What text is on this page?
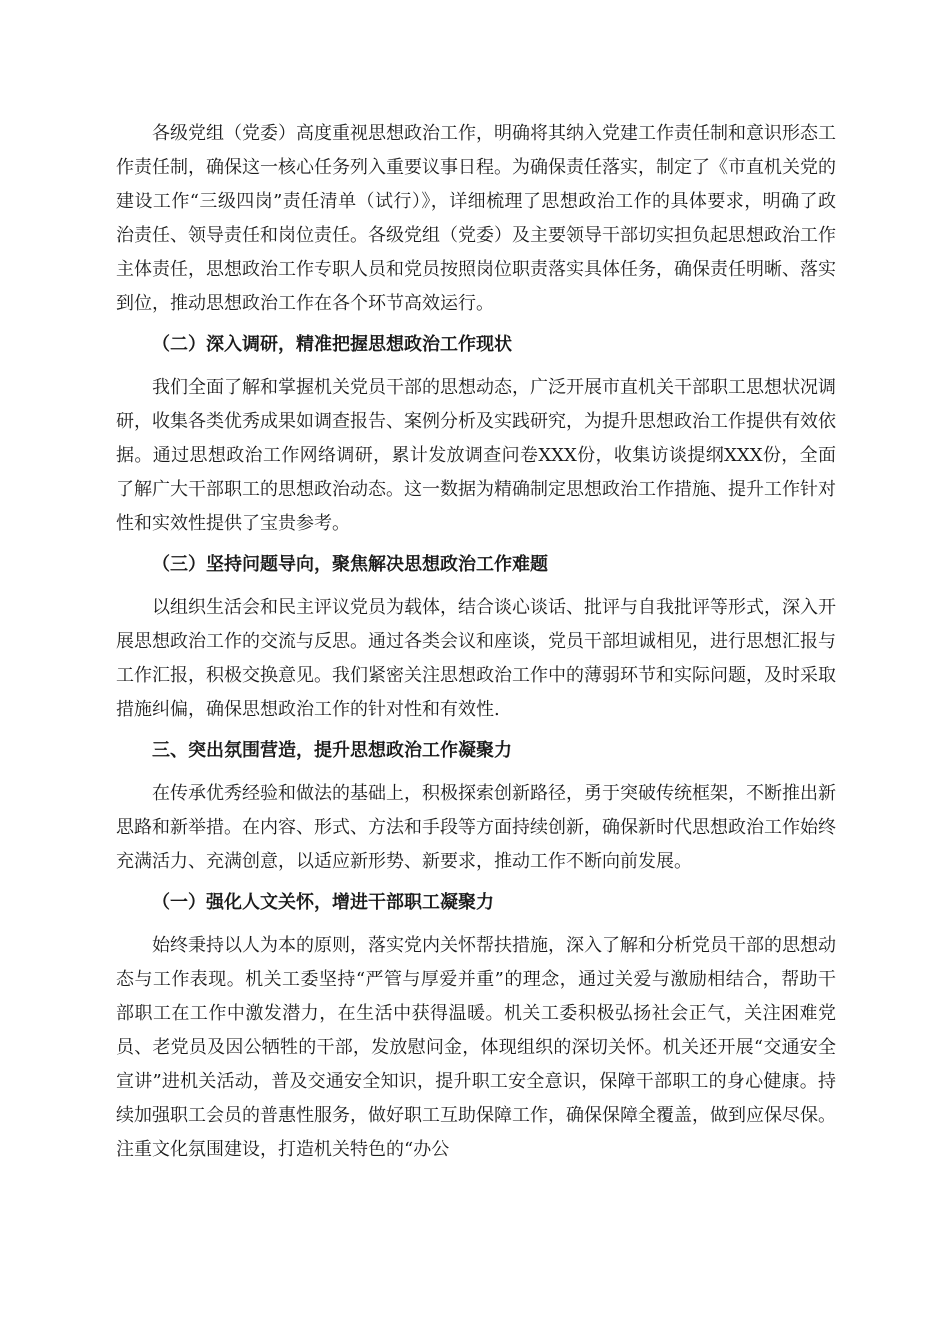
各级党组（党委）高度重视思想政治工作，明确将其纳入党建工作责任制和意识形态工作责任制，确保这一核心任务列入重要议事日程。为确保责任落实，制定了《市直机关党的建设工作“三级四岗”责任清单（试行）》，详细梳理了思想政治工作的具体要求，明确了政治责任、领导责任和岗位责任。各级党组（党委）及主要领导干部切实担负起思想政治工作主体责任，思想政治工作专职人员和党员按照岗位职责落实具体任务，确保责任明晰、落实到位，推动思想政治工作在各个环节高效运行。

（二）深入调研，精准把握思想政治工作现状

我们全面了解和掌握机关党员干部的思想动态，广泛开展市直机关干部职工思想状况调研，收集各类优秀成果如调查报告、案例分析及实践研究，为提升思想政治工作提供有效依据。通过思想政治工作网络调研，累计发放调查问卷XXX份，收集访谈提纲XXX份，全面了解广大干部职工的思想政治动态。这一数据为精确制定思想政治工作措施、提升工作针对性和实效性提供了宝贵参考。

（三）坚持问题导向，聚焦解决思想政治工作难题

以组织生活会和民主评议党员为载体，结合谈心谈话、批评与自我批评等形式，深入开展思想政治工作的交流与反思。通过各类会议和座谈，党员干部坦诚相见，进行思想汇报与工作汇报，积极交换意见。我们紧密关注思想政治工作中的薄弱环节和实际问题，及时采取措施纠偏，确保思想政治工作的针对性和有效性.

三、突出氛围营造，提升思想政治工作凝聚力

在传承优秀经验和做法的基础上，积极探索创新路径，勇于突破传统框架，不断推出新思路和新举措。在内容、形式、方法和手段等方面持续创新，确保新时代思想政治工作始终充满活力、充满创意，以适应新形势、新要求，推动工作不断向前发展。

（一）强化人文关怀，增进干部职工凝聚力

始终秉持以人为本的原则，落实党内关怀帮扶措施，深入了解和分析党员干部的思想动态与工作表现。机关工委坚持“严管与厚爱并重”的理念，通过关爱与激励相结合，帮助干部职工在工作中激发潜力，在生活中获得温暖。机关工委积极弘扬社会正气，关注困难党员、老党员及因公牺牲的干部，发放慰问金，体现组织的深切关怀。机关还开展“交通安全宣讲”进机关活动，普及交通安全知识，提升职工安全意识，保障干部职工的身心健康。持续加强职工会员的普惠性服务，做好职工互助保障工作，确保保障全覆盖，做到应保尽保。注重文化氛围建设，打造机关特色的“办公
